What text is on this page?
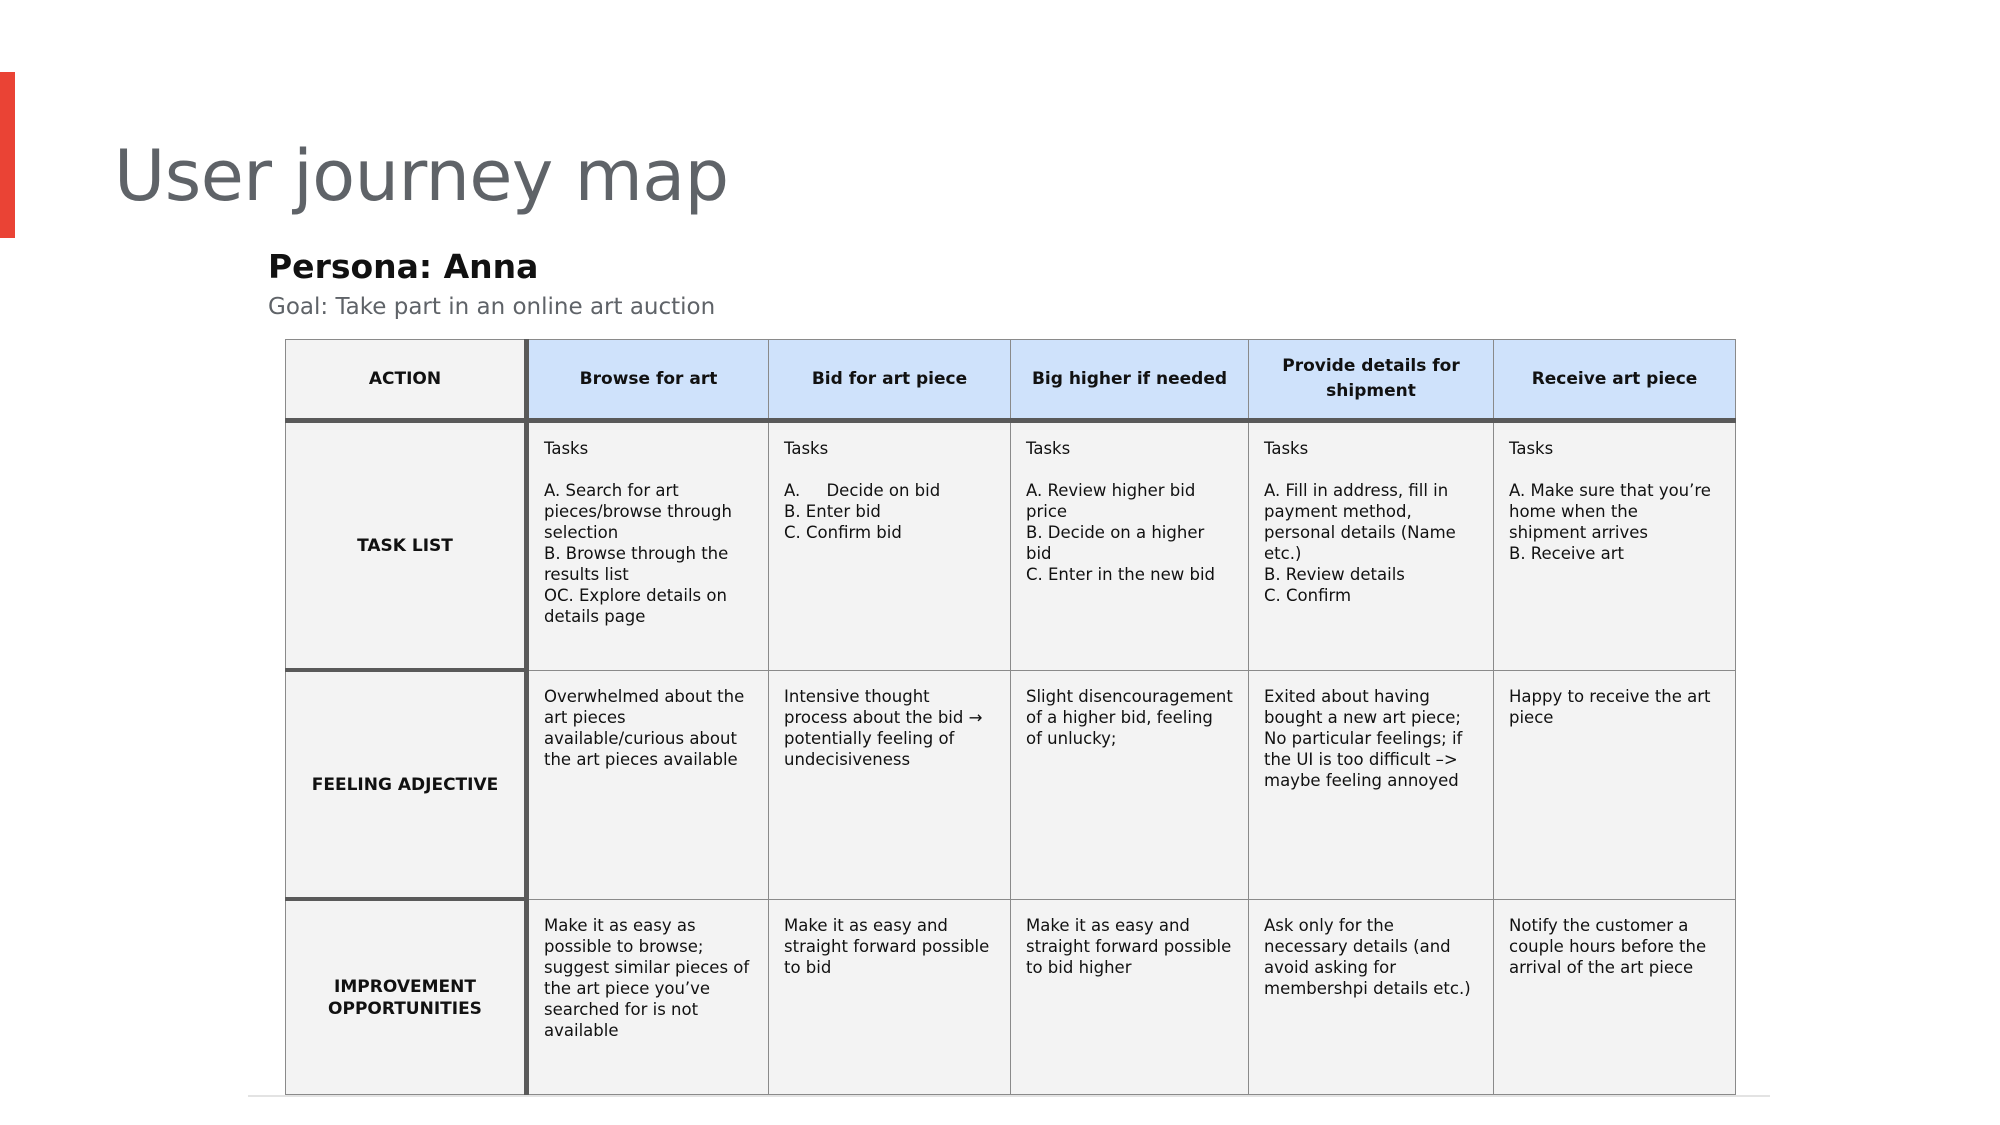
User journey map
Persona: Anna

Goal: Take part in an online art auction

ACTION	Browse for art	Bid for art piece	Big higher if needed	Provide details for shipment	Receive art piece
TASK LIST	Tasks
A. Search for art pieces/browse through selection
B. Browse through the results list
OC. Explore details on details page	Tasks
A.     Decide on bid
B. Enter bid
C. Confirm bid	Tasks
A. Review higher bid price
B. Decide on a higher bid
C. Enter in the new bid	Tasks
A. Fill in address, fill in payment method, personal details (Name etc.)
B. Review details
C. Confirm	Tasks
A. Make sure that you’re home when the shipment arrives
B. Receive art

FEELING ADJECTIVE	Overwhelmed about the art pieces available/curious about the art pieces available	Intensive thought process about the bid → potentially feeling of undecisiveness	Slight disencouragement of a higher bid, feeling of unlucky;	Exited about having bought a new art piece; No particular feelings; if the UI is too difficult –> maybe feeling annoyed	Happy to receive the art piece

IMPROVEMENT OPPORTUNITIES	Make it as easy as possible to browse; suggest similar pieces of the art piece you’ve searched for is not available	Make it as easy and straight forward possible to bid	Make it as easy and straight forward possible to bid higher	Ask only for the necessary details (and avoid asking for membershpi details etc.)	Notify the customer a couple hours before the arrival of the art piece
